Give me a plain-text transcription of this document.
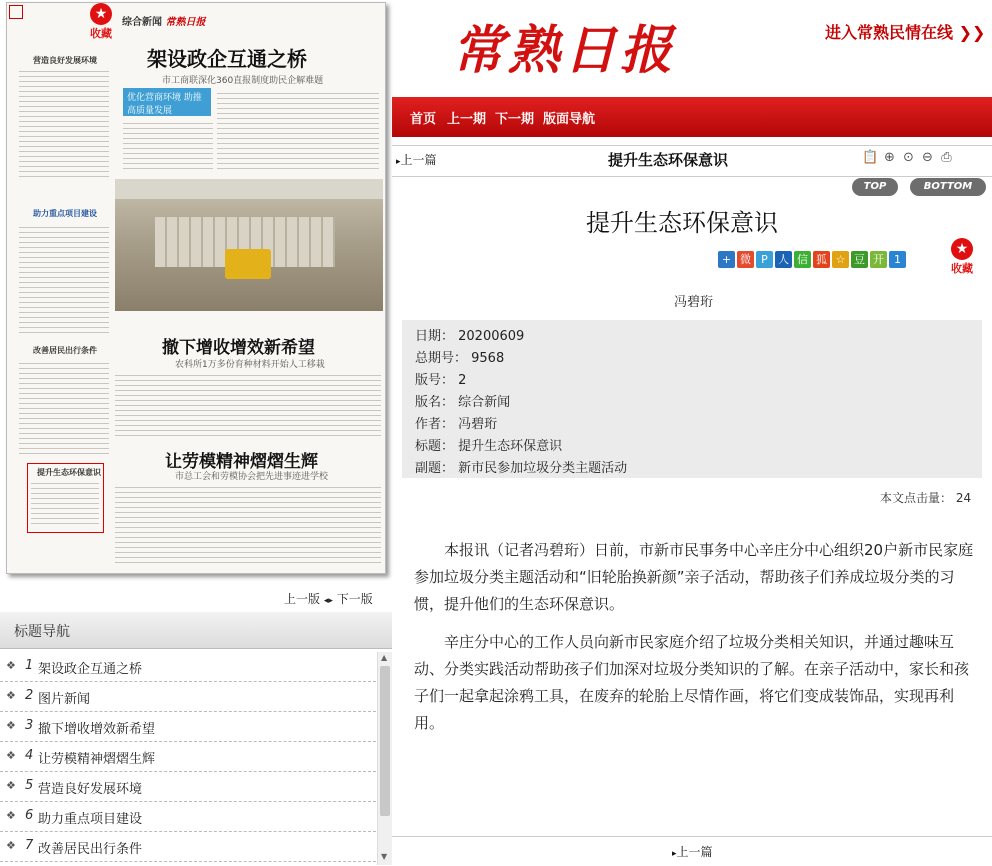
常熟日报	进入常熟民情在线 ❯❯
首页 上一期 下一期 版面导航
★
收藏
综合新闻 常熟日报
架设政企互通之桥
市工商联深化360直报制度助民企解难题
优化营商环境 助推高质量发展
营造良好发展环境
助力重点项目建设
改善居民出行条件
提升生态环保意识
撤下增收增效新希望
农科所1万多份育种材料开始人工移栽
让劳模精神熠熠生辉
市总工会和劳模协会把先进事迹进学校
上一版 ◂▸ 下一版
标题导航
❖ 1 架设政企互通之桥
❖ 2 图片新闻
❖ 3 撤下增收增效新希望
❖ 4 让劳模精神熠熠生辉
❖ 5 营造良好发展环境
❖ 6 助力重点项目建设
❖ 7 改善居民出行条件
▲
▼
▸上一篇	提升生态环保意识	📋 ⊕ ⊙ ⊖ ⎙
TOP	BOTTOM
提升生态环保意识
+ 微 P 人 信 狐 ☆ 豆 开 1
★
收藏
冯碧珩
日期： 20200609
总期号： 9568
版号： 2
版名： 综合新闻
作者： 冯碧珩
标题： 提升生态环保意识
副题： 新市民参加垃圾分类主题活动
本文点击量： 24
本报讯（记者冯碧珩）日前，市新市民事务中心辛庄分中心组织20户新市民家庭参加垃圾分类主题活动和“旧轮胎换新颜”亲子活动，帮助孩子们养成垃圾分类的习惯，提升他们的生态环保意识。
辛庄分中心的工作人员向新市民家庭介绍了垃圾分类相关知识，并通过趣味互动、分类实践活动帮助孩子们加深对垃圾分类知识的了解。在亲子活动中，家长和孩子们一起拿起涂鸦工具，在废弃的轮胎上尽情作画，将它们变成装饰品，实现再利用。
▸上一篇
